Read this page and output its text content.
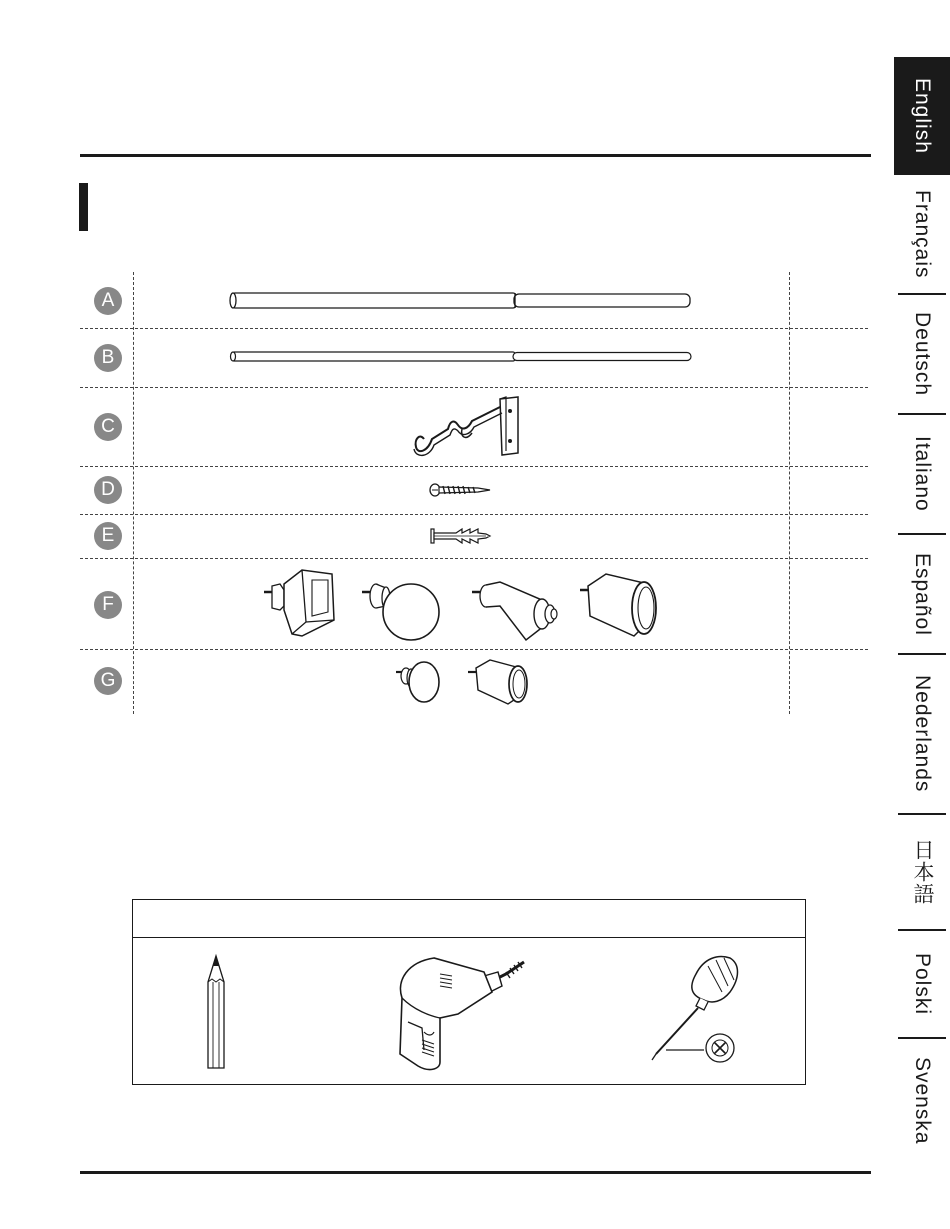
English
Français
Deutsch
Italiano
Español
Nederlands
日本語
Polski
Svenska
A
B
C
D
E
F
G
